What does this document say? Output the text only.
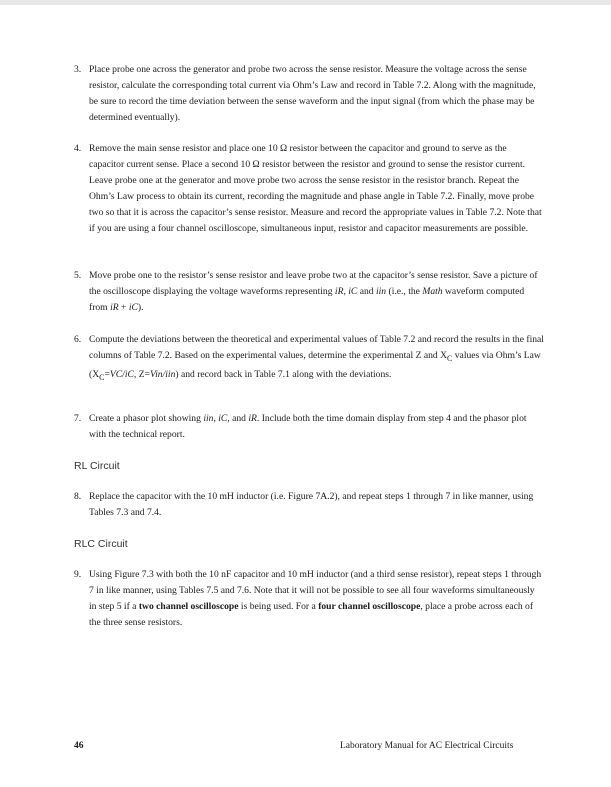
3. Place probe one across the generator and probe two across the sense resistor. Measure the voltage across the sense resistor, calculate the corresponding total current via Ohm’s Law and record in Table 7.2. Along with the magnitude, be sure to record the time deviation between the sense waveform and the input signal (from which the phase may be determined eventually).
4. Remove the main sense resistor and place one 10 Ω resistor between the capacitor and ground to serve as the capacitor current sense. Place a second 10 Ω resistor between the resistor and ground to sense the resistor current. Leave probe one at the generator and move probe two across the sense resistor in the resistor branch. Repeat the Ohm’s Law process to obtain its current, recording the magnitude and phase angle in Table 7.2. Finally, move probe two so that it is across the capacitor’s sense resistor. Measure and record the appropriate values in Table 7.2. Note that if you are using a four channel oscilloscope, simultaneous input, resistor and capacitor measurements are possible.
5. Move probe one to the resistor’s sense resistor and leave probe two at the capacitor’s sense resistor. Save a picture of the oscilloscope displaying the voltage waveforms representing iR, iC and iin (i.e., the Math waveform computed from iR + iC).
6. Compute the deviations between the theoretical and experimental values of Table 7.2 and record the results in the final columns of Table 7.2. Based on the experimental values, determine the experimental Z and $X_C$ values via Ohm’s Law ($X_C=VC/iC$, Z=Vin/iin) and record back in Table 7.1 along with the deviations.
7. Create a phasor plot showing iin, iC, and iR. Include both the time domain display from step 4 and the phasor plot with the technical report.
RL Circuit
8. Replace the capacitor with the 10 mH inductor (i.e. Figure 7A.2), and repeat steps 1 through 7 in like manner, using Tables 7.3 and 7.4.
RLC Circuit
9. Using Figure 7.3 with both the 10 nF capacitor and 10 mH inductor (and a third sense resistor), repeat steps 1 through 7 in like manner, using Tables 7.5 and 7.6. Note that it will not be possible to see all four waveforms simultaneously in step 5 if a two channel oscilloscope is being used. For a four channel oscilloscope, place a probe across each of the three sense resistors.
46	Laboratory Manual for AC Electrical Circuits
